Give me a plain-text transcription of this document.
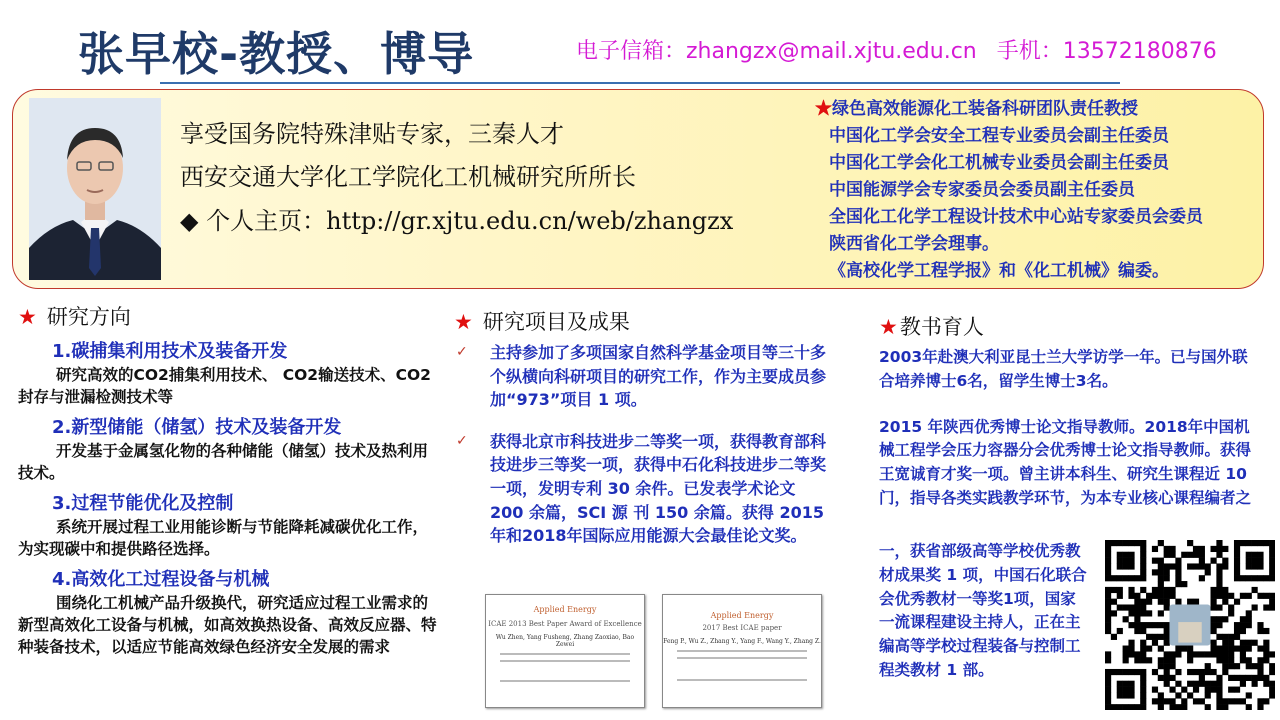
张早校-教授、博导	电子信箱：zhangzx@mail.xjtu.edu.cn 手机：13572180876
享受国务院特殊津贴专家，三秦人才
西安交通大学化工学院化工机械研究所所长
◆ 个人主页：http://gr.xjtu.edu.cn/web/zhangzx
★绿色高效能源化工装备科研团队责任教授
中国化工学会安全工程专业委员会副主任委员
中国化工学会化工机械专业委员会副主任委员
中国能源学会专家委员会委员副主任委员
全国化工化学工程设计技术中心站专家委员会委员
陕西省化工学会理事。
《高校化学工程学报》和《化工机械》编委。
★ 研究方向
1.碳捕集利用技术及装备开发
研究高效的CO2捕集利用技术、 CO2输送技术、CO2封存与泄漏检测技术等
2.新型储能（储氢）技术及装备开发
开发基于金属氢化物的各种储能（储氢）技术及热利用技术。
3.过程节能优化及控制
系统开展过程工业用能诊断与节能降耗减碳优化工作，为实现碳中和提供路径选择。
4.高效化工过程设备与机械
围绕化工机械产品升级换代，研究适应过程工业需求的新型高效化工设备与机械，如高效换热设备、高效反应器、特种装备技术，以适应节能高效绿色经济安全发展的需求
★ 研究项目及成果
✓ 主持参加了多项国家自然科学基金项目等三十多个纵横向科研项目的研究工作，作为主要成员参加“973”项目 1 项。
✓ 获得北京市科技进步二等奖一项，获得教育部科技进步三等奖一项，获得中石化科技进步二等奖一项，发明专利 30 余件。已发表学术论文 200 余篇，SCI 源 刊 150 余篇。获得 2015 年和2018年国际应用能源大会最佳论文奖。
Applied Energy
ICAE 2013 Best Paper Award of Excellence
Wu Zhen, Yang Fusheng, Zhang Zaoxiao, Bao Zewei
Applied Energy
2017 Best ICAE paper
Feng P., Wu Z., Zhang Y., Yang F., Wang Y., Zhang Z.
★教书育人
2003年赴澳大利亚昆士兰大学访学一年。已与国外联合培养博士6名，留学生博士3名。
2015 年陕西优秀博士论文指导教师。2018年中国机械工程学会压力容器分会优秀博士论文指导教师。获得王宽诚育才奖一项。曾主讲本科生、研究生课程近 10 门，指导各类实践教学环节，为本专业核心课程编者之
一，获省部级高等学校优秀教材成果奖 1 项，中国石化联合会优秀教材一等奖1项，国家一流课程建设主持人，正在主编高等学校过程装备与控制工程类教材 1 部。
